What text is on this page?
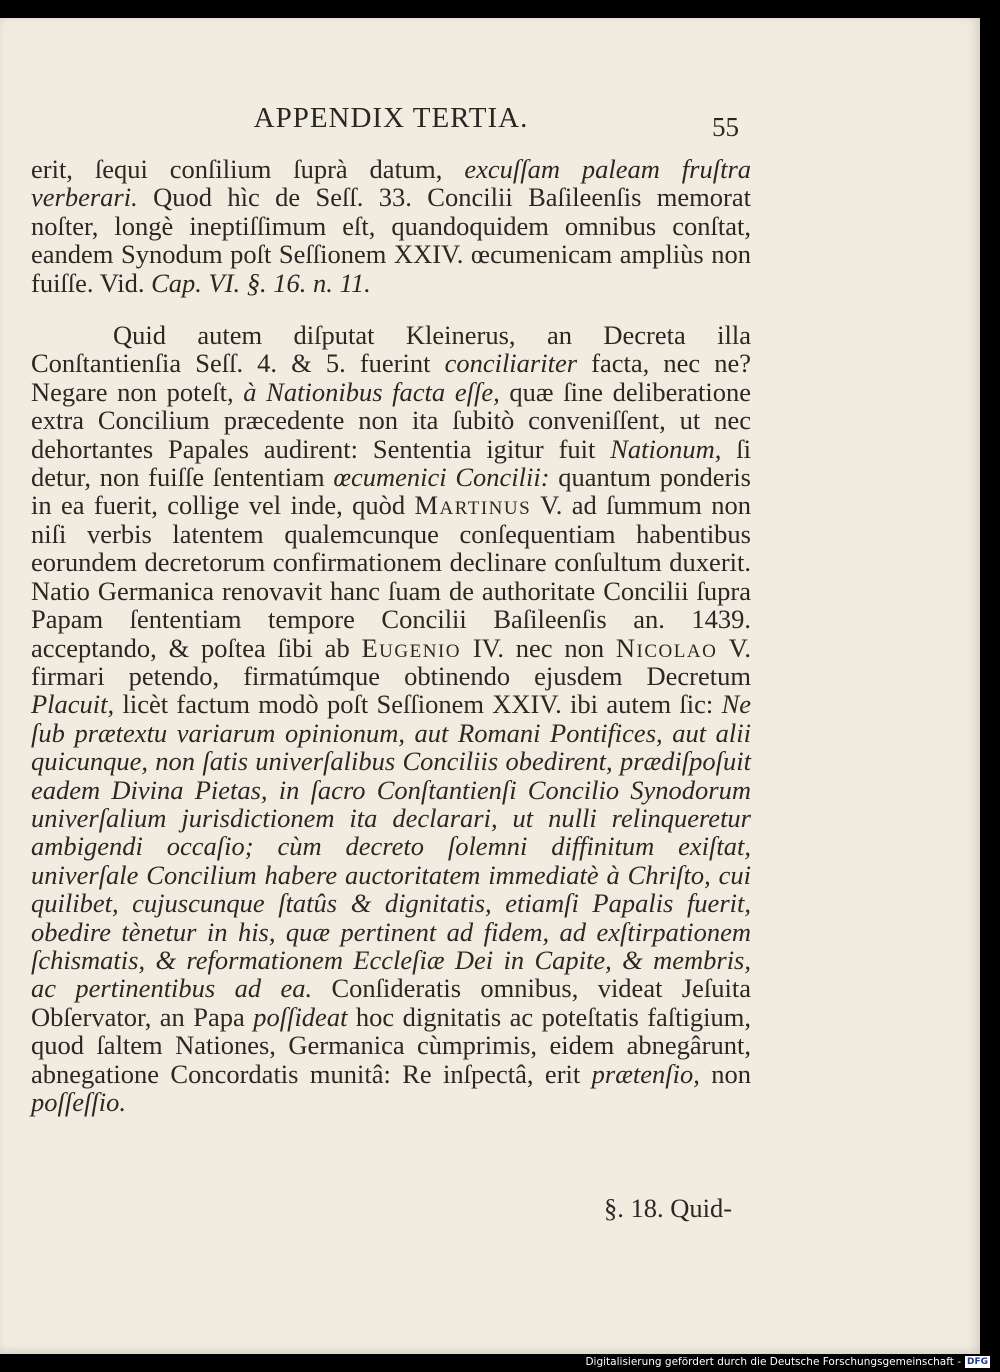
APPENDIX TERTIA.	55

erit, ſequi conſilium ſuprà datum, excuſſam paleam fruſtra verberari. Quod hìc de Seſſ. 33. Concilii Baſileenſis memorat noſter, longè ineptiſſimum eſt, quandoquidem omnibus conſtat, eandem Synodum poſt Seſſionem XXIV. œcumenicam ampliùs non fuiſſe. Vid. Cap. VI. §. 16. n. 11.

Quid autem diſputat Kleinerus, an Decreta illa Conſtantienſia Seſſ. 4. & 5. fuerint conciliariter facta, nec ne? Negare non poteſt, à Nationibus facta eſſe, quæ ſine deliberatione extra Concilium præcedente non ita ſubitò conveniſſent, ut nec dehortantes Papales audirent: Sententia igitur fuit Nationum, ſi detur, non fuiſſe ſententiam œcumenici Concilii: quantum ponderis in ea fuerit, collige vel inde, quòd Martinus V. ad ſummum non niſi verbis latentem qualemcunque conſequentiam habentibus eorundem decretorum confirmationem declinare conſultum duxerit. Natio Germanica renovavit hanc ſuam de authoritate Concilii ſupra Papam ſententiam tempore Concilii Baſileenſis an. 1439. acceptando, & poſtea ſibi ab Eugenio IV. nec non Nicolao V. firmari petendo, firmatúmque obtinendo ejusdem Decretum Placuit, licèt factum modò poſt Seſſionem XXIV. ibi autem ſic: Ne ſub prætextu variarum opinionum, aut Romani Pontifices, aut alii quicunque, non ſatis univerſalibus Conciliis obedirent, prædiſpoſuit eadem Divina Pietas, in ſacro Conſtantienſi Concilio Synodorum univerſalium jurisdictionem ita declarari, ut nulli relinqueretur ambigendi occaſio; cùm decreto ſolemni diffinitum exiſtat, univerſale Concilium habere auctoritatem immediatè à Chriſto, cui quilibet, cujuscunque ſtatûs & dignitatis, etiamſi Papalis fuerit, obedire tènetur in his, quæ pertinent ad fidem, ad exſtirpationem ſchismatis, & reformationem Eccleſiæ Dei in Capite, & membris, ac pertinentibus ad ea. Conſideratis omnibus, videat Jeſuita Obſervator, an Papa poſſideat hoc dignitatis ac poteſtatis faſtigium, quod ſaltem Nationes, Germanica cùmprimis, eidem abnegârunt, abnegatione Concordatis munitâ: Re inſpectâ, erit prætenſio, non poſſeſſio.

§. 18. Quid-
Digitalisierung gefördert durch die Deutsche Forschungsgemeinschaft - DFG
